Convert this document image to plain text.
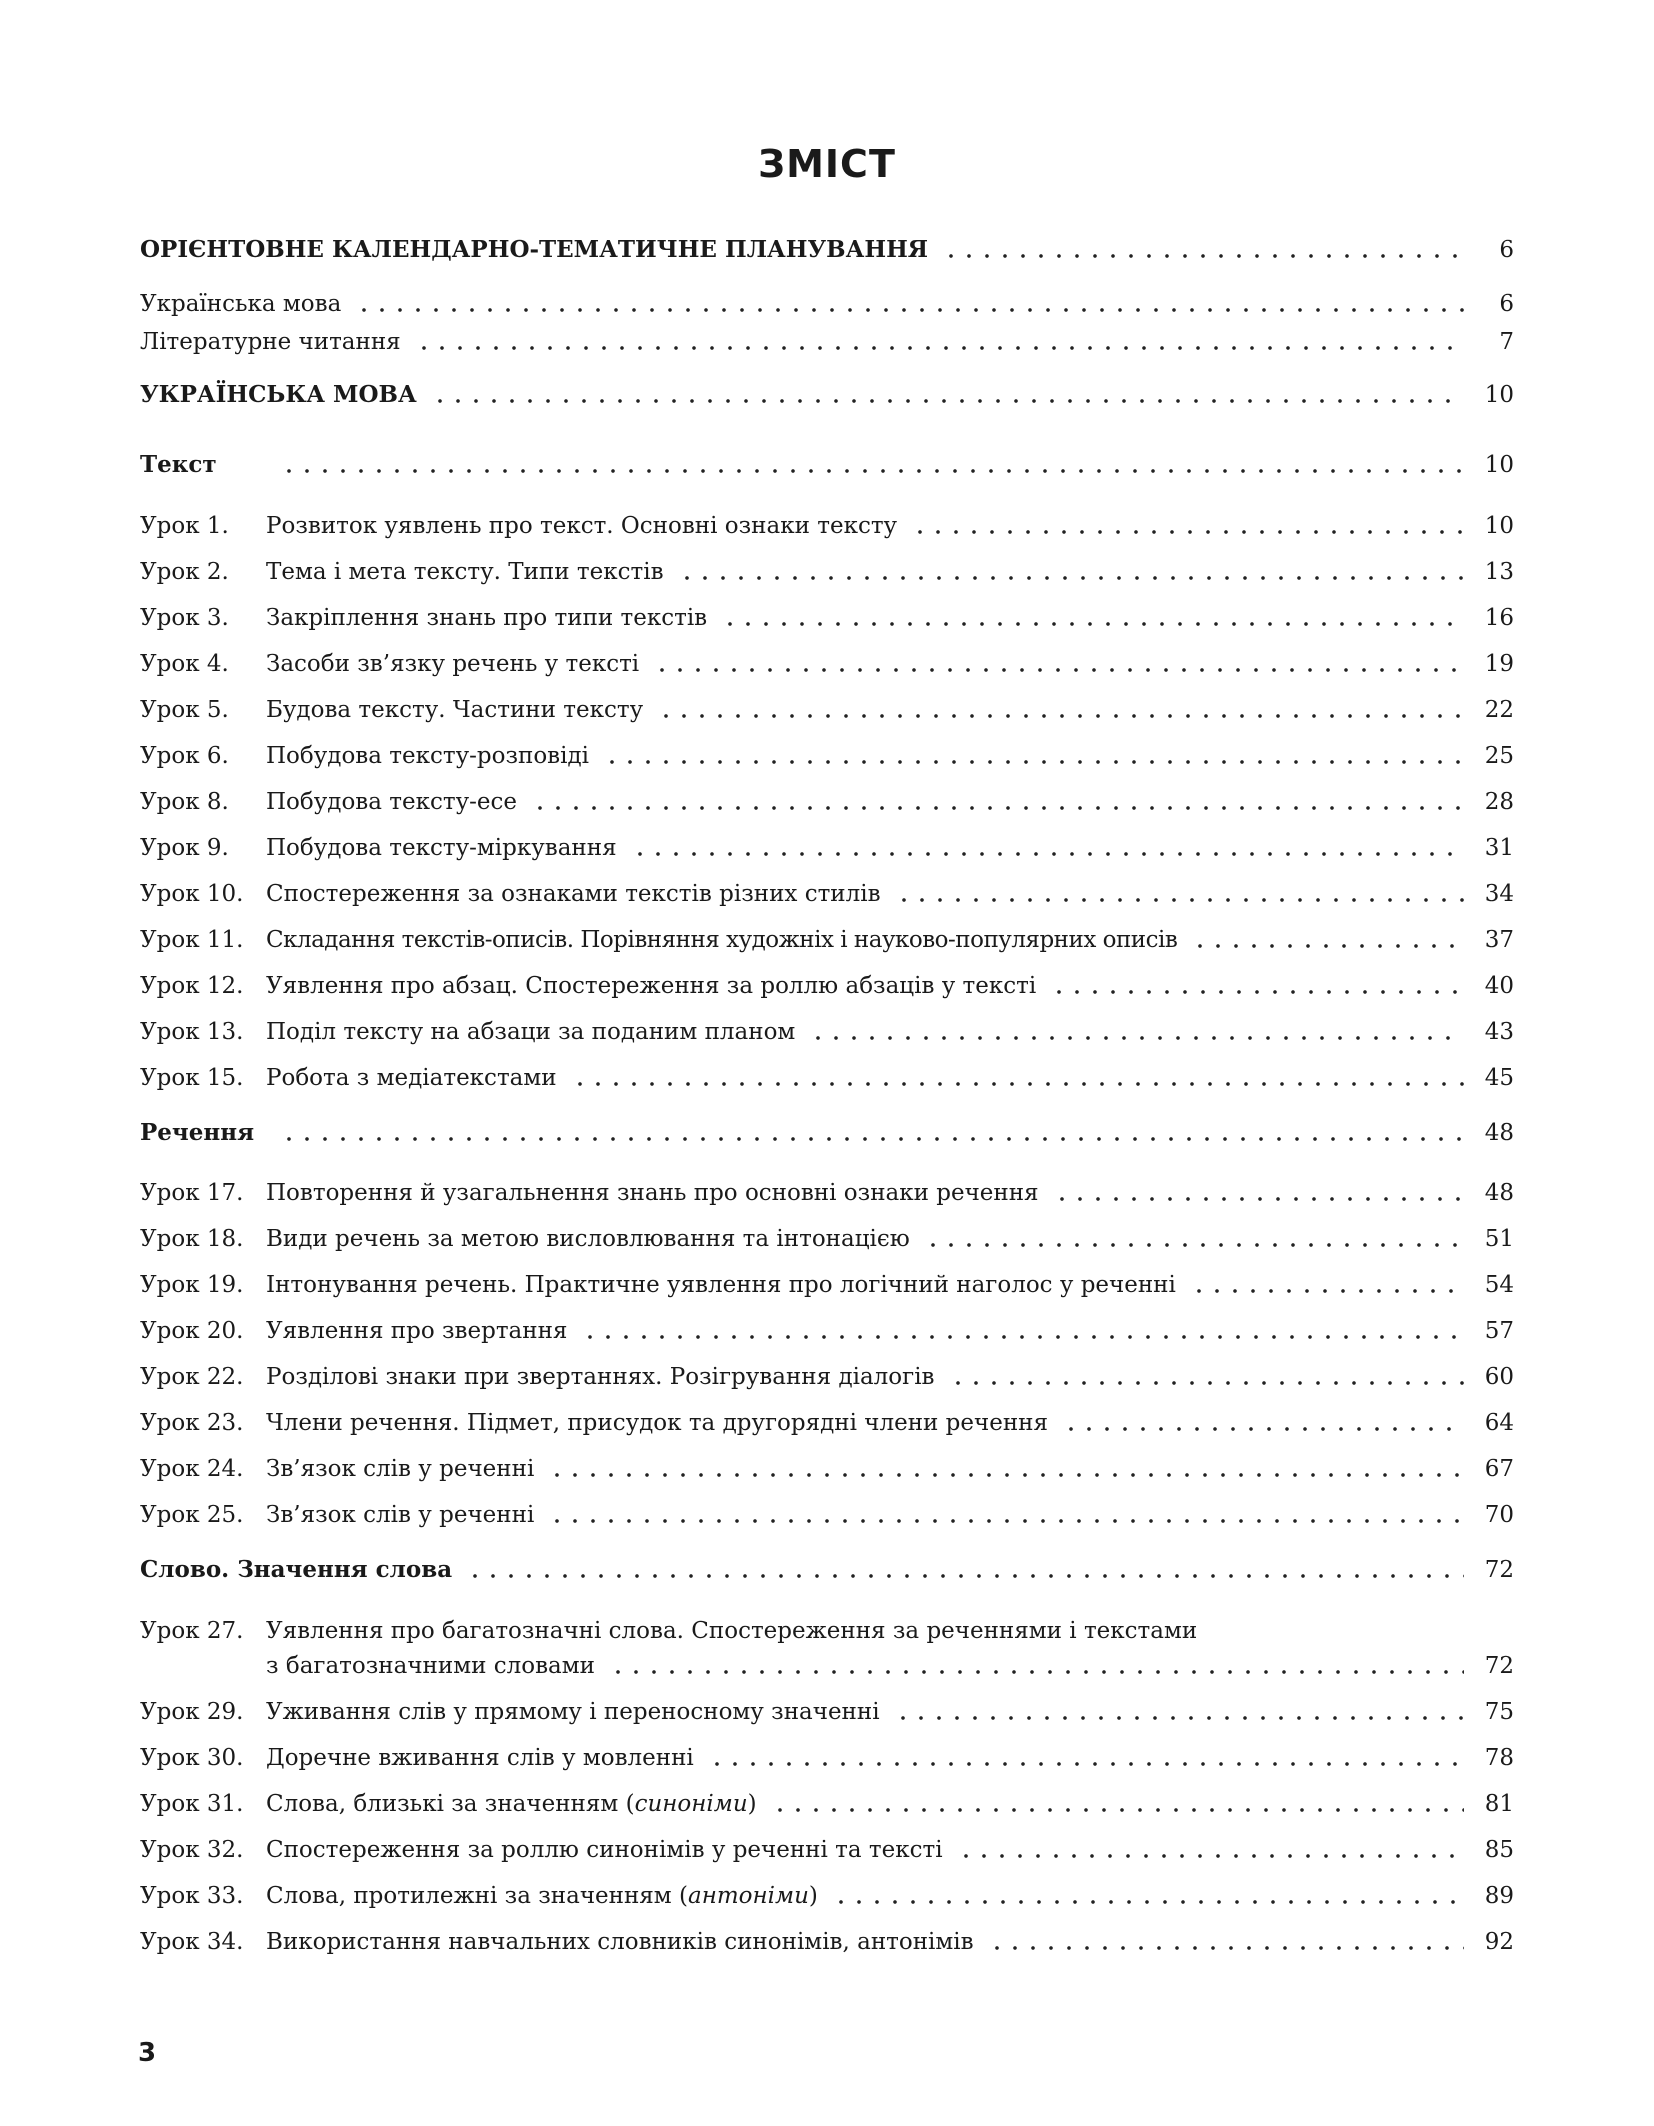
ЗМІСТ
ОРІЄНТОВНЕ КАЛЕНДАРНО-ТЕМАТИЧНЕ ПЛАНУВАННЯ	6
Українська мова	6
Літературне читання	7
УКРАЇНСЬКА МОВА	10
Текст	10
Урок 1.	Розвиток уявлень про текст. Основні ознаки тексту	10
Урок 2.	Тема і мета тексту. Типи текстів	13
Урок 3.	Закріплення знань про типи текстів	16
Урок 4.	Засоби зв’язку речень у тексті	19
Урок 5.	Будова тексту. Частини тексту	22
Урок 6.	Побудова тексту-розповіді	25
Урок 8.	Побудова тексту-есе	28
Урок 9.	Побудова тексту-міркування	31
Урок 10. Спостереження за ознаками текстів різних стилів	34
Урок 11. Складання текстів-описів. Порівняння художніх і науково-популярних описів	37
Урок 12. Уявлення про абзац. Спостереження за роллю абзаців у тексті	40
Урок 13. Поділ тексту на абзаци за поданим планом	43
Урок 15. Робота з медіатекстами	45
Речення	48
Урок 17. Повторення й узагальнення знань про основні ознаки речення	48
Урок 18. Види речень за метою висловлювання та інтонацією	51
Урок 19. Інтонування речень. Практичне уявлення про логічний наголос у реченні	54
Урок 20. Уявлення про звертання	57
Урок 22. Розділові знаки при звертаннях. Розігрування діалогів	60
Урок 23. Члени речення. Підмет, присудок та другорядні члени речення	64
Урок 24. Зв’язок слів у реченні	67
Урок 25. Зв’язок слів у реченні	70
Слово. Значення слова	72
Урок 27. Уявлення про багатозначні слова. Спостереження за реченнями і текстами
з багатозначними словами	72
Урок 29. Уживання слів у прямому і переносному значенні	75
Урок 30. Доречне вживання слів у мовленні	78
Урок 31. Слова, близькі за значенням (синоніми)	81
Урок 32. Спостереження за роллю синонімів у реченні та тексті	85
Урок 33. Слова, протилежні за значенням (антоніми)	89
Урок 34. Використання навчальних словників синонімів, антонімів	92
3
